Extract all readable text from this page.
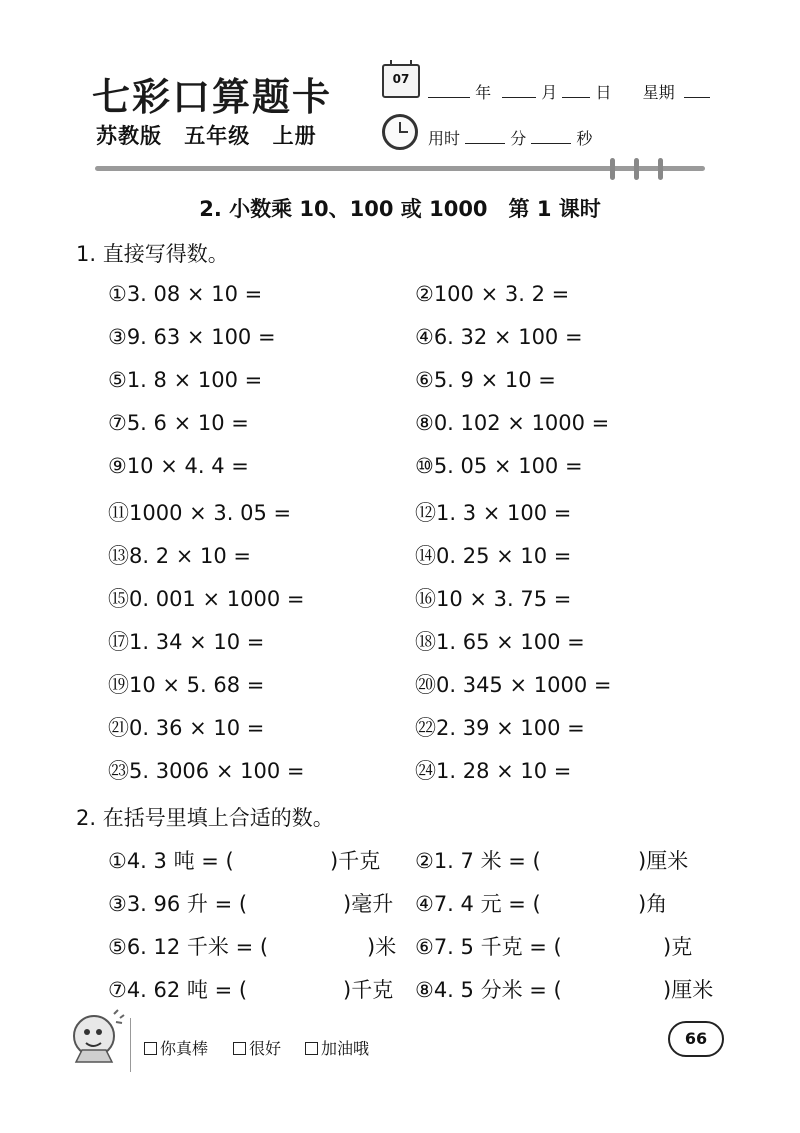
七彩口算题卡
苏教版 五年级 上册
07
年	月 日 星期
用时	分	秒
2. 小数乘 10、100 或 1000　第 1 课时
1. 直接写得数。
①3. 08 × 10 =	②100 × 3. 2 =
③9. 63 × 100 =	④6. 32 × 100 =
⑤1. 8 × 100 =	⑥5. 9 × 10 =
⑦5. 6 × 10 =	⑧0. 102 × 1000 =
⑨10 × 4. 4 =	⑩5. 05 × 100 =
⑪1000 × 3. 05 =	⑫1. 3 × 100 =
⑬8. 2 × 10 =	⑭0. 25 × 10 =
⑮0. 001 × 1000 =	⑯10 × 3. 75 =
⑰1. 34 × 10 =	⑱1. 65 × 100 =
⑲10 × 5. 68 =	⑳0. 345 × 1000 =
㉑0. 36 × 10 =	㉒2. 39 × 100 =
㉓5. 3006 × 100 =	㉔1. 28 × 10 =
2. 在括号里填上合适的数。
①4. 3 吨 = (	)千克 ②1. 7 米 = (	)厘米
③3. 96 升 = (	)毫升 ④7. 4 元 = (	)角
⑤6. 12 千米 = (	)米 ⑥7. 5 千克 = (	)克
⑦4. 62 吨 = (	)千克 ⑧4. 5 分米 = (	)厘米
你真棒	很好	加油哦
66
